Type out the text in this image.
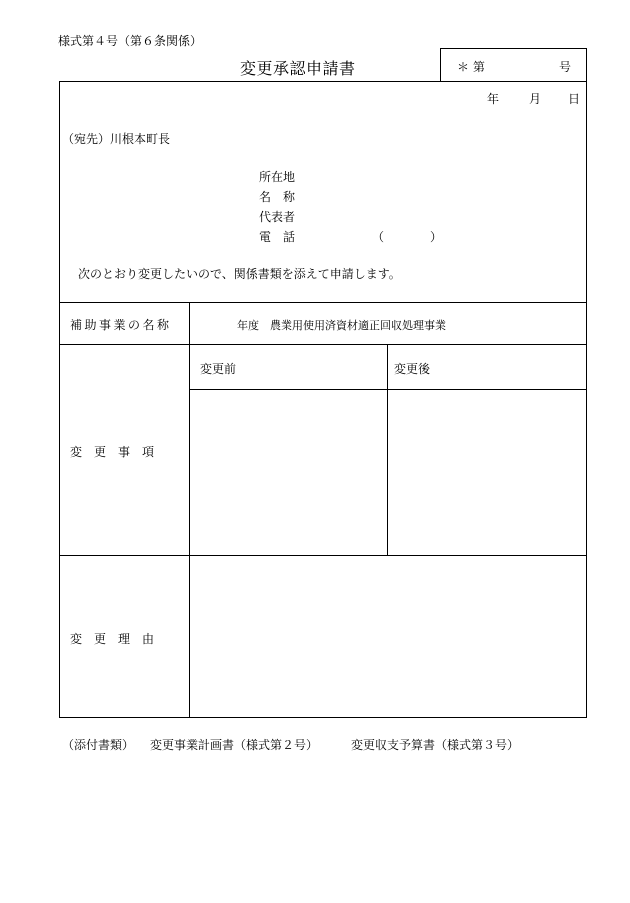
様式第４号（第６条関係）
変更承認申請書	＊ 第	号
年 月 日
（宛先）川根本町長
所在地
名　称
代表者
電　話	（	）
次のとおり変更したいので、関係書類を添えて申請します。
補助事業の名称	年度　農業用使用済資材適正回収処理事業
変　更　事　項
変更前	変更後
変　更　理　由
（添付書類） 変更事業計画書（様式第２号）	変更収支予算書（様式第３号）
